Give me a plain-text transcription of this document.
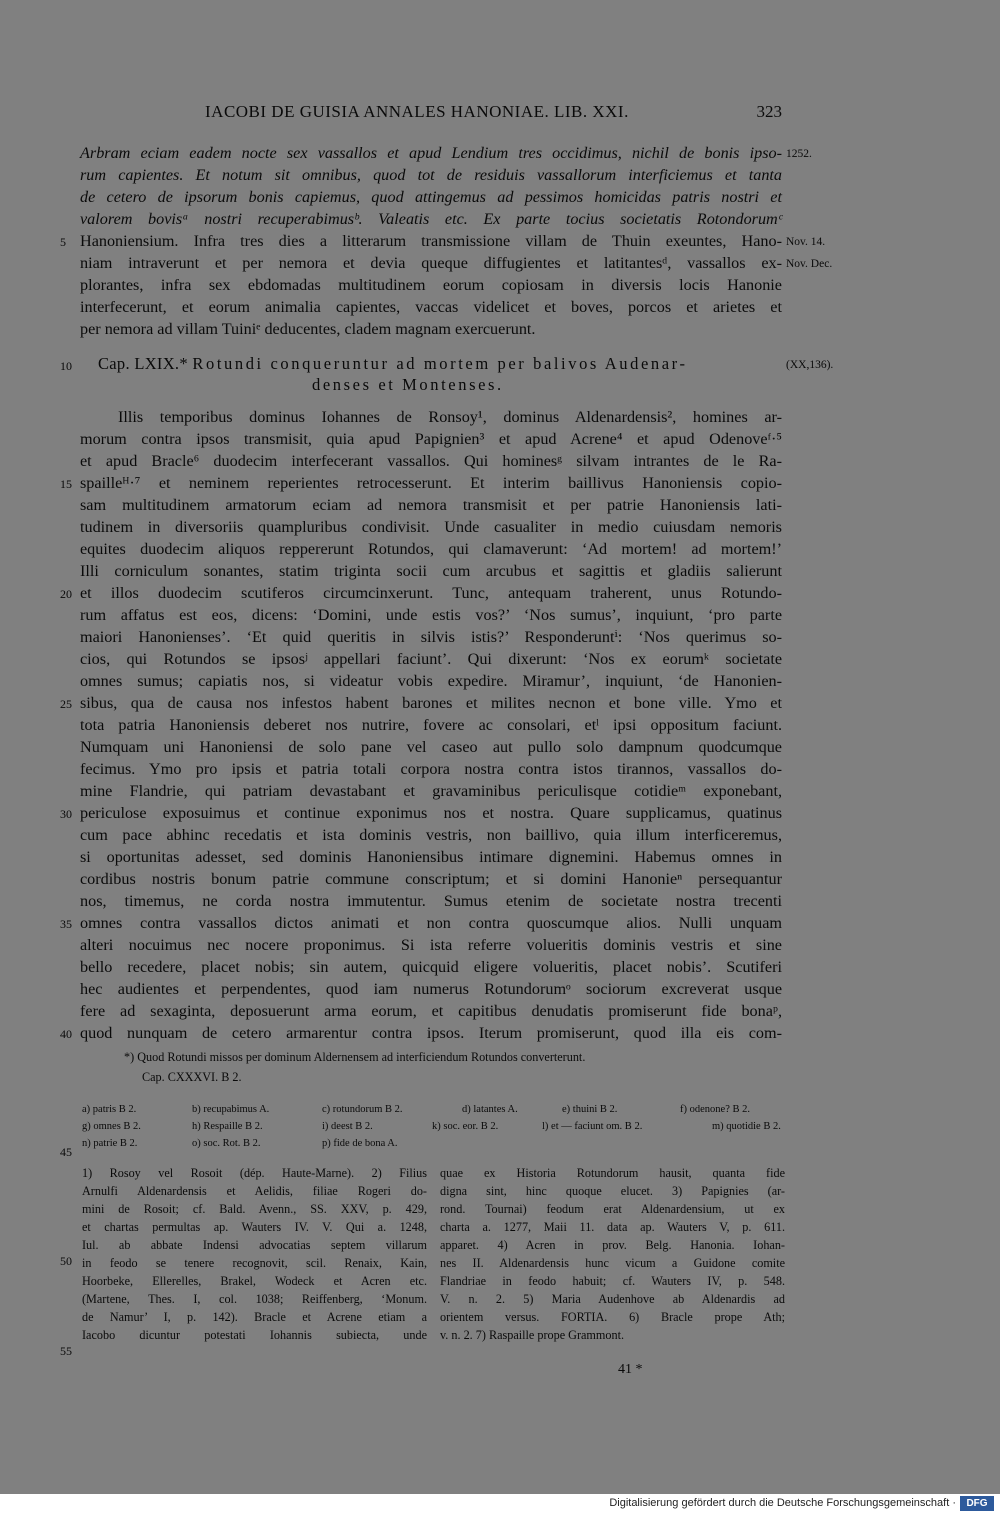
IACOBI DE GUISIA ANNALES HANONIAE. LIB. XXI.	323
Arbram eciam eadem nocte sex vassallos et apud Lendium tres occidimus, nichil de bonis ipso-
rum capientes. Et notum sit omnibus, quod tot de residuis vassallorum interficiemus et tanta
de cetero de ipsorum bonis capiemus, quod attingemus ad pessimos homicidas patris nostri et
valorem bovisᵃ nostri recuperabimusᵇ. Valeatis etc. Ex parte tocius societatis Rotondorumᶜ
Hanoniensium. Infra tres dies a litterarum transmissione villam de Thuin exeuntes, Hano-
niam intraverunt et per nemora et devia queque diffugientes et latitantesᵈ, vassallos ex-
plorantes, infra sex ebdomadas multitudinem eorum copiosam in diversis locis Hanonie
interfecerunt, et eorum animalia capientes, vaccas videlicet et boves, porcos et arietes et
per nemora ad villam Tuiniᵉ deducentes, cladem magnam exercuerunt.
Cap. LXIX.* Rotundi conqueruntur ad mortem per balivos Audenar-
denses et Montenses.
Illis temporibus dominus Iohannes de Ronsoy¹, dominus Aldenardensis², homines ar-
morum contra ipsos transmisit, quia apud Papignien³ et apud Acrene⁴ et apud Odenoveᶠ·⁵
et apud Bracle⁶ duodecim interfecerant vassallos. Qui hominesᵍ silvam intrantes de le Ra-
spailleᴴ·⁷ et neminem reperientes retrocesserunt. Et interim baillivus Hanoniensis copio-
sam multitudinem armatorum eciam ad nemora transmisit et per patrie Hanoniensis lati-
tudinem in diversoriis quampluribus condivisit. Unde casualiter in medio cuiusdam nemoris
equites duodecim aliquos reppererunt Rotundos, qui clamaverunt: ‘Ad mortem! ad mortem!’
Illi corniculum sonantes, statim triginta socii cum arcubus et sagittis et gladiis salierunt
et illos duodecim scutiferos circumcinxerunt. Tunc, antequam traherent, unus Rotundo-
rum affatus est eos, dicens: ‘Domini, unde estis vos?’ ‘Nos sumus’, inquiunt, ‘pro parte
maiori Hanonienses’. ‘Et quid queritis in silvis istis?’ Responderuntⁱ: ‘Nos querimus so-
cios, qui Rotundos se ipsosʲ appellari faciunt’. Qui dixerunt: ‘Nos ex eorumᵏ societate
omnes sumus; capiatis nos, si videatur vobis expedire. Miramur’, inquiunt, ‘de Hanonien-
sibus, qua de causa nos infestos habent barones et milites necnon et bone ville. Ymo et
tota patria Hanoniensis deberet nos nutrire, fovere ac consolari, etˡ ipsi oppositum faciunt.
Numquam uni Hanoniensi de solo pane vel caseo aut pullo solo dampnum quodcumque
fecimus. Ymo pro ipsis et patria totali corpora nostra contra istos tirannos, vassallos do-
mine Flandrie, qui patriam devastabant et gravaminibus periculisque cotidieᵐ exponebant,
periculose exposuimus et continue exponimus nos et nostra. Quare supplicamus, quatinus
cum pace abhinc recedatis et ista dominis vestris, non baillivo, quia illum interficeremus,
si oportunitas adesset, sed dominis Hanoniensibus intimare dignemini. Habemus omnes in
cordibus nostris bonum patrie commune conscriptum; et si domini Hanonieⁿ persequantur
nos, timemus, ne corda nostra immutentur. Sumus etenim de societate nostra trecenti
omnes contra vassallos dictos animati et non contra quoscumque alios. Nulli unquam
alteri nocuimus nec nocere proponimus. Si ista referre volueritis dominis vestris et sine
bello recedere, placet nobis; sin autem, quicquid eligere volueritis, placet nobis’. Scutiferi
hec audientes et perpendentes, quod iam numerus Rotundorumᵒ sociorum excreverat usque
fere ad sexaginta, deposuerunt arma eorum, et capitibus denudatis promiserunt fide bonaᵖ,
quod nunquam de cetero armarentur contra ipsos. Iterum promiserunt, quod illa eis com-
5
10
15
20
25
30
35
40
45
50
55
1252.
Nov. 14.
Nov. Dec.
(XX,136).
*) Quod Rotundi missos per dominum Aldernensem ad interficiendum Rotundos converterunt.
Cap. CXXXVI. B 2.
a) patris B 2.	b) recupabimus A.	c) rotundorum B 2.	d) latantes A.	e) thuini B 2.	f) odenone? B 2.
g) omnes B 2.	h) Respaille B 2.	i) deest B 2.	k) soc. eor. B 2.	l) et — faciunt om. B 2.	m) quotidie B 2.
n) patrie B 2.	o) soc. Rot. B 2.	p) fide de bona A.
1) Rosoy vel Rosoit (dép. Haute-Marne). 2) Filius
Arnulfi Aldenardensis et Aelidis, filiae Rogeri do-
mini de Rosoit; cf. Bald. Avenn., SS. XXV, p. 429,
et chartas permultas ap. Wauters IV. V. Qui a. 1248,
Iul. ab abbate Indensi advocatias septem villarum
in feodo se tenere recognovit, scil. Renaix, Kain,
Hoorbeke, Ellerelles, Brakel, Wodeck et Acren etc.
(Martene, Thes. I, col. 1038; Reiffenberg, ‘Monum.
de Namur’ I, p. 142). Bracle et Acrene etiam a
Iacobo dicuntur potestati Iohannis subiecta, unde
quae ex Historia Rotundorum hausit, quanta fide
digna sint, hinc quoque elucet. 3) Papignies (ar-
rond. Tournai) feodum erat Aldenardensium, ut ex
charta a. 1277, Maii 11. data ap. Wauters V, p. 611.
apparet. 4) Acren in prov. Belg. Hanonia. Iohan-
nes II. Aldenardensis hunc vicum a Guidone comite
Flandriae in feodo habuit; cf. Wauters IV, p. 548.
V. n. 2. 5) Maria Audenhove ab Aldenardis ad
orientem versus. FORTIA. 6) Bracle prope Ath;
v. n. 2. 7) Raspaille prope Grammont.
41 *
Digitalisierung gefördert durch die Deutsche Forschungsgemeinschaft ·	DFG
